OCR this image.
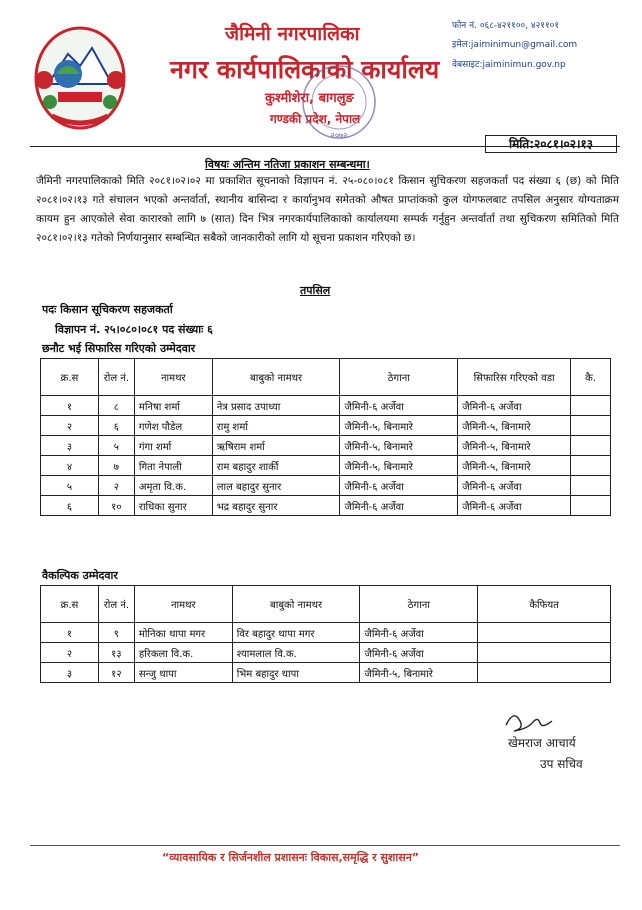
जैमिनी नगरपालिका
नगर कार्यपालिकाको कार्यालय
कुश्मीशेरा, बागलुङ
गण्डकी प्रदेश, नेपाल
फोन नं. ०६८-४२११००, ४२११०१
इमेल:jaiminimun@gmail.com
वेबसाइट:jaiminimun.gov.np
२०७२
मिति:२०८१।०२।१३
विषयः अन्तिम नतिजा प्रकाशन सम्बन्धमा।
जैमिनी नगरपालिकाको मिति २०८१।०२।०२ मा प्रकाशित सूचनाको विज्ञापन नं. २५-०८०।०८१ किसान सुचिकरण सहजकर्ता पद संख्या ६ (छ) को मिति २०८१।०२।१३ गते संचालन भएको अन्तर्वार्ता, स्थानीय बासिन्दा र कार्यानुभव समेतको औषत प्राप्तांकको कुल योगफलबाट तपसिल अनुसार योग्यताक्रम कायम हुन आएकोले सेवा कारारको लागि ७ (सात) दिन भित्र नगरकार्यपालिकाको कार्यालयमा सम्पर्क गर्नुहुन अन्तर्वार्ता तथा सुचिकरण समितिको मिति २०८१।०२।१३ गतेको निर्णयानुसार सम्बन्धित सबैको जानकारीको लागि यो सूचना प्रकाशन गरिएको छ।
तपसिल
पदः किसान सूचिकरण सहजकर्ता
विज्ञापन नं. २५।०८०।०८१ पद संख्याः ६
छनौट भई सिफारिस गरिएको उम्मेदवार
क्र.स	रोल नं.	नामथर	बाबुको नामथर	ठेगाना	सिफारिस गरिएको वडा	कै.
१	८	मनिषा शर्मा	नेत्र प्रसाद उपाध्या	जैमिनी-६ अर्जेवा	जैमिनी-६ अर्जेवा	
२	६	गणेश पौडेल	रामु शर्मा	जैमिनी-५, बिनामारे	जैमिनी-५, बिनामारे	
३	५	गंगा शर्मा	ऋषिराम शर्मा	जैमिनी-५, बिनामारे	जैमिनी-५, बिनामारे	
४	७	गिता नेपाली	राम बहादुर शार्की	जैमिनी-५, बिनामारे	जैमिनी-५, बिनामारे	
५	२	अमृता वि.क.	लाल बहादुर सुनार	जैमिनी-६ अर्जेवा	जैमिनी-६ अर्जेवा	
६	१०	राधिका सुनार	भद्र बहादुर सुनार	जैमिनी-६ अर्जेवा	जैमिनी-६ अर्जेवा	
वैकल्पिक उम्मेदवार
क्र.स	रोल नं.	नामथर	बाबुको नामथर	ठेगाना	कैफियत
१	९	मोनिका थापा मगर	विर बहादुर थापा मगर	जैमिनी-६ अर्जेवा	
२	१३	हरिकला वि.क.	श्यामलाल वि.क.	जैमिनी-६ अर्जेवा	
३	१२	सन्जु थापा	भिम बहादुर थापा	जैमिनी-५, बिनामारे	
खेमराज आचार्य
उप सचिव
“व्यावसायिक र सिर्जनशील प्रशासनः विकास,समृद्धि र सुशासन”
